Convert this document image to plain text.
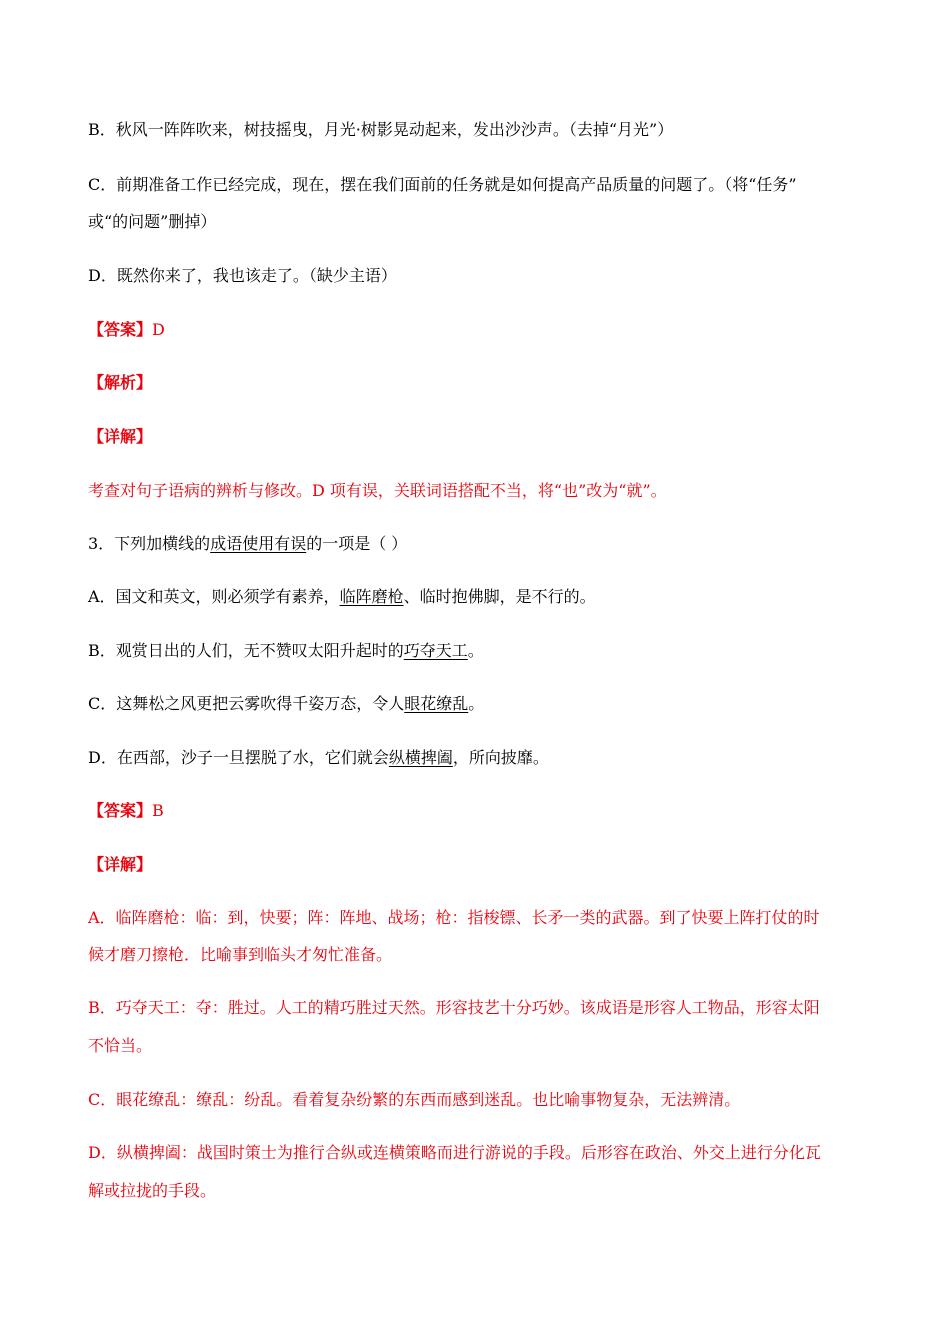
B．秋风一阵阵吹来，树技摇曳，月光·树影晃动起来，发出沙沙声。（去掉“月光”）
C．前期准备工作已经完成，现在，摆在我们面前的任务就是如何提高产品质量的问题了。（将“任务”
或“的问题”删掉）
D．既然你来了，我也该走了。（缺少主语）
【答案】D
【解析】
【详解】
考查对句子语病的辨析与修改。D 项有误，关联词语搭配不当，将“也”改为“就”。
3．下列加横线的成语使用有误的一项是（ ）
A．国文和英文，则必须学有素养，临阵磨枪、临时抱佛脚，是不行的。
B．观赏日出的人们，无不赞叹太阳升起时的巧夺天工。
C．这舞松之风更把云雾吹得千姿万态，令人眼花缭乱。
D．在西部，沙子一旦摆脱了水，它们就会纵横捭阖，所向披靡。
【答案】B
【详解】
A．临阵磨枪：临：到，快要；阵：阵地、战场；枪：指梭镖、长矛一类的武器。到了快要上阵打仗的时
候才磨刀擦枪．比喻事到临头才匆忙准备。
B．巧夺天工：夺：胜过。人工的精巧胜过天然。形容技艺十分巧妙。该成语是形容人工物品，形容太阳
不恰当。
C．眼花缭乱：缭乱：纷乱。看着复杂纷繁的东西而感到迷乱。也比喻事物复杂，无法辨清。
D．纵横捭阖：战国时策士为推行合纵或连横策略而进行游说的手段。后形容在政治、外交上进行分化瓦
解或拉拢的手段。
